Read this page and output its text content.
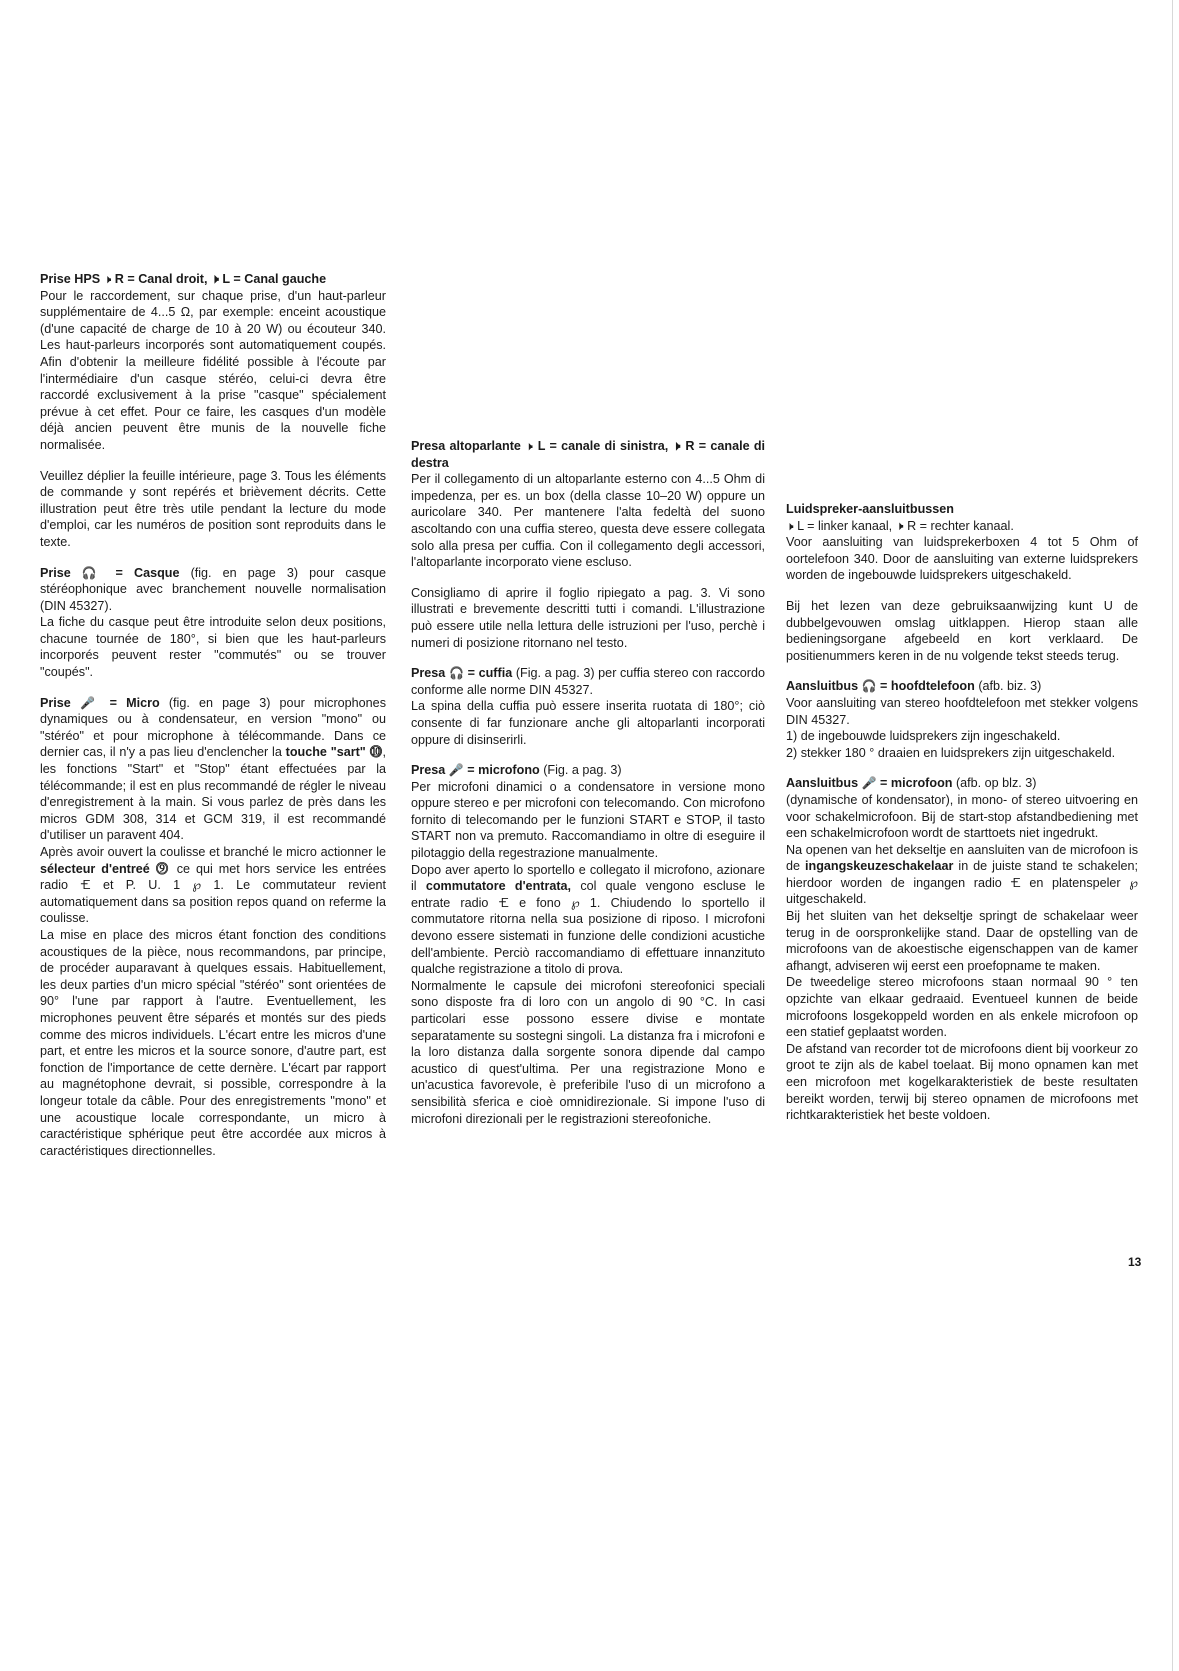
Prise HPS 🕨 R = Canal droit, 🕨 L = Canal gauche
Pour le raccordement, sur chaque prise, d'un haut-parleur supplémentaire de 4...5 Ω, par exemple: enceint acoustique (d'une capacité de charge de 10 à 20 W) ou écouteur 340. Les haut-parleurs incorporés sont automatiquement coupés. Afin d'obtenir la meilleure fidélité possible à l'écoute par l'intermédiaire d'un casque stéréo, celui-ci devra être raccordé exclusivement à la prise "casque" spécialement prévue à cet effet. Pour ce faire, les casques d'un modèle déjà ancien peuvent être munis de la nouvelle fiche normalisée.

Veuillez déplier la feuille intérieure, page 3. Tous les éléments de commande y sont repérés et brièvement décrits. Cette illustration peut être très utile pendant la lecture du mode d'emploi, car les numéros de position sont reproduits dans le texte.

Prise 🎧 = Casque (fig. en page 3) pour casque stéréophonique avec branchement nouvelle normalisation (DIN 45327).

La fiche du casque peut être introduite selon deux positions, chacune tournée de 180°, si bien que les haut-parleurs incorporés peuvent rester "commutés" ou se trouver "coupés".

Prise 🎤 = Micro (fig. en page 3) pour microphones dynamiques ou à condensateur, en version "mono" ou "stéréo" et pour microphone à télécommande. Dans ce dernier cas, il n'y a pas lieu d'enclencher la touche "sart" ⓾, les fonctions "Start" et "Stop" étant effectuées par la télécommande; il est en plus recommandé de régler le niveau d'enregistrement à la main. Si vous parlez de près dans les micros GDM 308, 314 et GCM 319, il est recommandé d'utiliser un paravent 404.

Après avoir ouvert la coulisse et branché le micro actionner le sélecteur d'entreé ⓽ ce qui met hors service les entrées radio 🝗 et P. U. 1 ℘ 1. Le commutateur revient automatiquement dans sa position repos quand on referme la coulisse.

La mise en place des micros étant fonction des conditions acoustiques de la pièce, nous recommandons, par principe, de procéder auparavant à quelques essais. Habituellement, les deux parties d'un micro spécial "stéréo" sont orientées de 90° l'une par rapport à l'autre. Eventuellement, les microphones peuvent être séparés et montés sur des pieds comme des micros individuels. L'écart entre les micros d'une part, et entre les micros et la source sonore, d'autre part, est fonction de l'importance de cette dernère. L'écart par rapport au magnétophone devrait, si possible, correspondre à la longeur totale da câble. Pour des enregistrements "mono" et une acoustique locale correspondante, un micro à caractéristique sphérique peut être accordée aux micros à caractéristiques directionnelles.

Presa altoparlante 🕨 L = canale di sinistra, 🕨 R = canale di destra
Per il collegamento di un altoparlante esterno con 4...5 Ohm di impedenza, per es. un box (della classe 10–20 W) oppure un auricolare 340. Per mantenere l'alta fedeltà del suono ascoltando con una cuffia stereo, questa deve essere collegata solo alla presa per cuffia. Con il collegamento degli accessori, l'altoparlante incorporato viene escluso.

Consigliamo di aprire il foglio ripiegato a pag. 3. Vi sono illustrati e brevemente descritti tutti i comandi. L'illustrazione può essere utile nella lettura delle istruzioni per l'uso, perchè i numeri di posizione ritornano nel testo.

Presa 🎧 = cuffia (Fig. a pag. 3) per cuffia stereo con raccordo conforme alle norme DIN 45327.

La spina della cuffia può essere inserita ruotata di 180°; ciò consente di far funzionare anche gli altoparlanti incorporati oppure di disinserirli.

Presa 🎤 = microfono (Fig. a pag. 3)

Per microfoni dinamici o a condensatore in versione mono oppure stereo e per microfoni con telecomando. Con microfono fornito di telecomando per le funzioni START e STOP, il tasto START non va premuto. Raccomandiamo in oltre di eseguire il pilotaggio della regestrazione manualmente.

Dopo aver aperto lo sportello e collegato il microfono, azionare il commutatore d'entrata, col quale vengono escluse le entrate radio 🝗 e fono ℘ 1. Chiudendo lo sportello il commutatore ritorna nella sua posizione di riposo. I microfoni devono essere sistemati in funzione delle condizioni acustiche dell'ambiente. Perciò raccomandiamo di effettuare innanzituto qualche registrazione a titolo di prova.

Normalmente le capsule dei microfoni stereofonici speciali sono disposte fra di loro con un angolo di 90 °C. In casi particolari esse possono essere divise e montate separatamente su sostegni singoli. La distanza fra i microfoni e la loro distanza dalla sorgente sonora dipende dal campo acustico di quest'ultima. Per una registrazione Mono e un'acustica favorevole, è preferibile l'uso di un microfono a sensibilità sferica e cioè omnidirezionale. Si impone l'uso di microfoni direzionali per le registrazioni stereofoniche.

Luidspreker-aansluitbussen
🕨 L = linker kanaal, 🕨 R = rechter kanaal.
Voor aansluiting van luidsprekerboxen 4 tot 5 Ohm of oortelefoon 340. Door de aansluiting van externe luidsprekers worden de ingebouwde luidsprekers uitgeschakeld.

Bij het lezen van deze gebruiksaanwijzing kunt U de dubbelgevouwen omslag uitklappen. Hierop staan alle bedieningsorgane afgebeeld en kort verklaard. De positienummers keren in de nu volgende tekst steeds terug.

Aansluitbus 🎧 = hoofdtelefoon (afb. biz. 3)

Voor aansluiting van stereo hoofdtelefoon met stekker volgens DIN 45327.

1) de ingebouwde luidsprekers zijn ingeschakeld.

2) stekker 180 ° draaien en luidsprekers zijn uitgeschakeld.

Aansluitbus 🎤 = microfoon (afb. op blz. 3)

(dynamische of kondensator), in mono- of stereo uitvoering en voor schakelmicrofoon. Bij de start-stop afstandbediening met een schakelmicrofoon wordt de starttoets niet ingedrukt.

Na openen van het dekseltje en aansluiten van de microfoon is de ingangskeuzeschakelaar in de juiste stand te schakelen; hierdoor worden de ingangen radio 🝗 en platenspeler ℘ uitgeschakeld.

Bij het sluiten van het dekseltje springt de schakelaar weer terug in de oorspronkelijke stand. Daar de opstelling van de microfoons van de akoestische eigenschappen van de kamer afhangt, adviseren wij eerst een proefopname te maken.

De tweedelige stereo microfoons staan normaal 90 ° ten opzichte van elkaar gedraaid. Eventueel kunnen de beide microfoons losgekoppeld worden en als enkele microfoon op een statief geplaatst worden.

De afstand van recorder tot de microfoons dient bij voorkeur zo groot te zijn als de kabel toelaat. Bij mono opnamen kan met een microfoon met kogelkarakteristiek de beste resultaten bereikt worden, terwij bij stereo opnamen de microfoons met richtkarakteristiek het beste voldoen.

13
